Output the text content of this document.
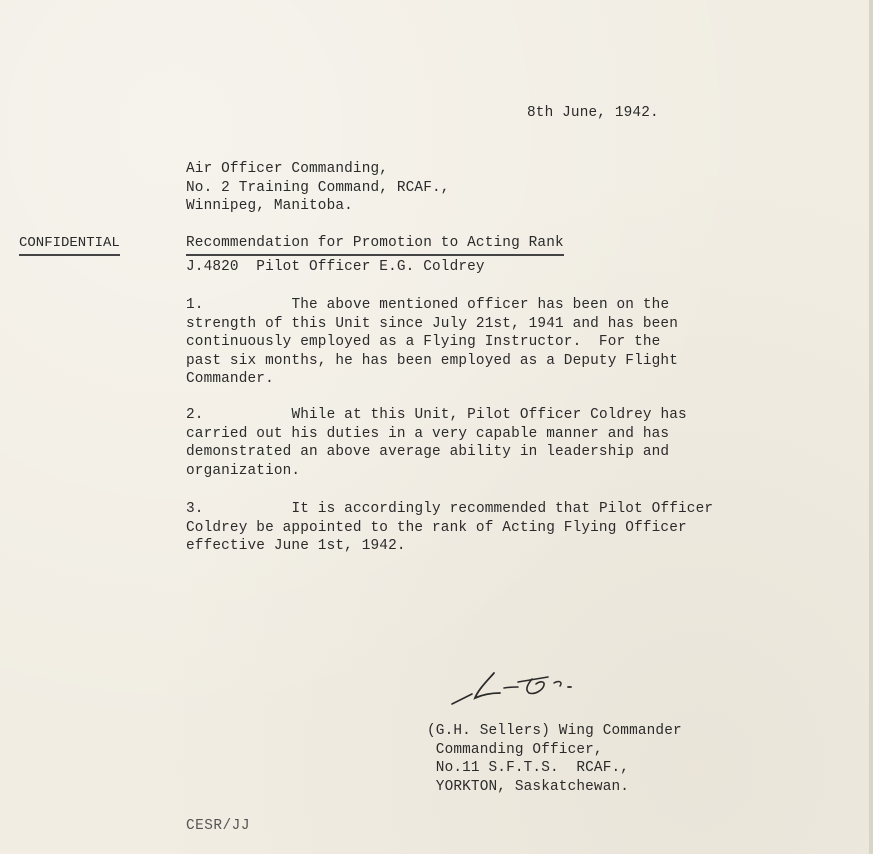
8th June, 1942.
Air Officer Commanding,
No. 2 Training Command, RCAF.,
Winnipeg, Manitoba.
CONFIDENTIAL	Recommendation for Promotion to Acting Rank
J.4820  Pilot Officer E.G. Coldrey
1.	The above mentioned officer has been on the
strength of this Unit since July 21st, 1941 and has been
continuously employed as a Flying Instructor.  For the
past six months, he has been employed as a Deputy Flight
Commander.
2.	While at this Unit, Pilot Officer Coldrey has
carried out his duties in a very capable manner and has
demonstrated an above average ability in leadership and
organization.
3.	It is accordingly recommended that Pilot Officer
Coldrey be appointed to the rank of Acting Flying Officer
effective June 1st, 1942.
(G.H. Sellers) Wing Commander
Commanding Officer,
No.11 S.F.T.S.  RCAF.,
YORKTON, Saskatchewan.
CESR/JJ
